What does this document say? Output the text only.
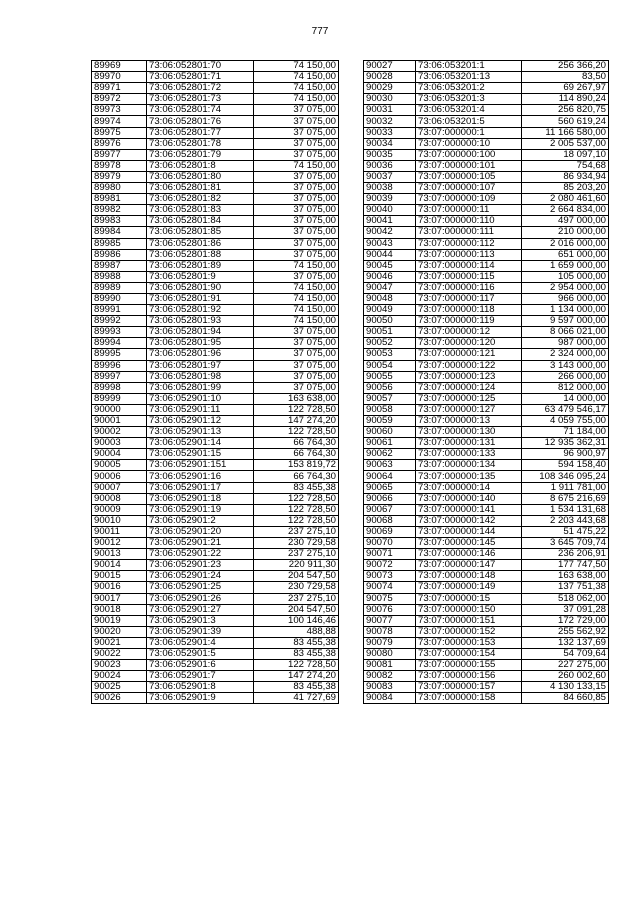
777
89969	73:06:052801:70	74 150,00
89970	73:06:052801:71	74 150,00
89971	73:06:052801:72	74 150,00
89972	73:06:052801:73	74 150,00
89973	73:06:052801:74	37 075,00
89974	73:06:052801:76	37 075,00
89975	73:06:052801:77	37 075,00
89976	73:06:052801:78	37 075,00
89977	73:06:052801:79	37 075,00
89978	73:06:052801:8	74 150,00
89979	73:06:052801:80	37 075,00
89980	73:06:052801:81	37 075,00
89981	73:06:052801:82	37 075,00
89982	73:06:052801:83	37 075,00
89983	73:06:052801:84	37 075,00
89984	73:06:052801:85	37 075,00
89985	73:06:052801:86	37 075,00
89986	73:06:052801:88	37 075,00
89987	73:06:052801:89	74 150,00
89988	73:06:052801:9	37 075,00
89989	73:06:052801:90	74 150,00
89990	73:06:052801:91	74 150,00
89991	73:06:052801:92	74 150,00
89992	73:06:052801:93	74 150,00
89993	73:06:052801:94	37 075,00
89994	73:06:052801:95	37 075,00
89995	73:06:052801:96	37 075,00
89996	73:06:052801:97	37 075,00
89997	73:06:052801:98	37 075,00
89998	73:06:052801:99	37 075,00
89999	73:06:052901:10	163 638,00
90000	73:06:052901:11	122 728,50
90001	73:06:052901:12	147 274,20
90002	73:06:052901:13	122 728,50
90003	73:06:052901:14	66 764,30
90004	73:06:052901:15	66 764,30
90005	73:06:052901:151	153 819,72
90006	73:06:052901:16	66 764,30
90007	73:06:052901:17	83 455,38
90008	73:06:052901:18	122 728,50
90009	73:06:052901:19	122 728,50
90010	73:06:052901:2	122 728,50
90011	73:06:052901:20	237 275,10
90012	73:06:052901:21	230 729,58
90013	73:06:052901:22	237 275,10
90014	73:06:052901:23	220 911,30
90015	73:06:052901:24	204 547,50
90016	73:06:052901:25	230 729,58
90017	73:06:052901:26	237 275,10
90018	73:06:052901:27	204 547,50
90019	73:06:052901:3	100 146,46
90020	73:06:052901:39	488,88
90021	73:06:052901:4	83 455,38
90022	73:06:052901:5	83 455,38
90023	73:06:052901:6	122 728,50
90024	73:06:052901:7	147 274,20
90025	73:06:052901:8	83 455,38
90026	73:06:052901:9	41 727,69
90027	73:06:053201:1	256 366,20
90028	73:06:053201:13	83,50
90029	73:06:053201:2	69 267,97
90030	73:06:053201:3	114 890,24
90031	73:06:053201:4	256 820,75
90032	73:06:053201:5	560 619,24
90033	73:07:000000:1	11 166 580,00
90034	73:07:000000:10	2 005 537,00
90035	73:07:000000:100	18 097,10
90036	73:07:000000:101	754,68
90037	73:07:000000:105	86 934,94
90038	73:07:000000:107	85 203,20
90039	73:07:000000:109	2 080 461,60
90040	73:07:000000:11	2 664 834,00
90041	73:07:000000:110	497 000,00
90042	73:07:000000:111	210 000,00
90043	73:07:000000:112	2 016 000,00
90044	73:07:000000:113	651 000,00
90045	73:07:000000:114	1 659 000,00
90046	73:07:000000:115	105 000,00
90047	73:07:000000:116	2 954 000,00
90048	73:07:000000:117	966 000,00
90049	73:07:000000:118	1 134 000,00
90050	73:07:000000:119	9 597 000,00
90051	73:07:000000:12	8 066 021,00
90052	73:07:000000:120	987 000,00
90053	73:07:000000:121	2 324 000,00
90054	73:07:000000:122	3 143 000,00
90055	73:07:000000:123	266 000,00
90056	73:07:000000:124	812 000,00
90057	73:07:000000:125	14 000,00
90058	73:07:000000:127	63 479 546,17
90059	73:07:000000:13	4 059 755,00
90060	73:07:000000:130	71 184,00
90061	73:07:000000:131	12 935 362,31
90062	73:07:000000:133	96 900,97
90063	73:07:000000:134	594 158,40
90064	73:07:000000:135	108 346 095,24
90065	73:07:000000:14	1 911 781,00
90066	73:07:000000:140	8 675 216,69
90067	73:07:000000:141	1 534 131,68
90068	73:07:000000:142	2 203 443,68
90069	73:07:000000:144	51 475,22
90070	73:07:000000:145	3 645 709,74
90071	73:07:000000:146	236 206,91
90072	73:07:000000:147	177 747,50
90073	73:07:000000:148	163 638,00
90074	73:07:000000:149	137 751,38
90075	73:07:000000:15	518 062,00
90076	73:07:000000:150	37 091,28
90077	73:07:000000:151	172 729,00
90078	73:07:000000:152	255 562,92
90079	73:07:000000:153	132 137,69
90080	73:07:000000:154	54 709,64
90081	73:07:000000:155	227 275,00
90082	73:07:000000:156	260 002,60
90083	73:07:000000:157	4 130 133,15
90084	73:07:000000:158	84 660,85
